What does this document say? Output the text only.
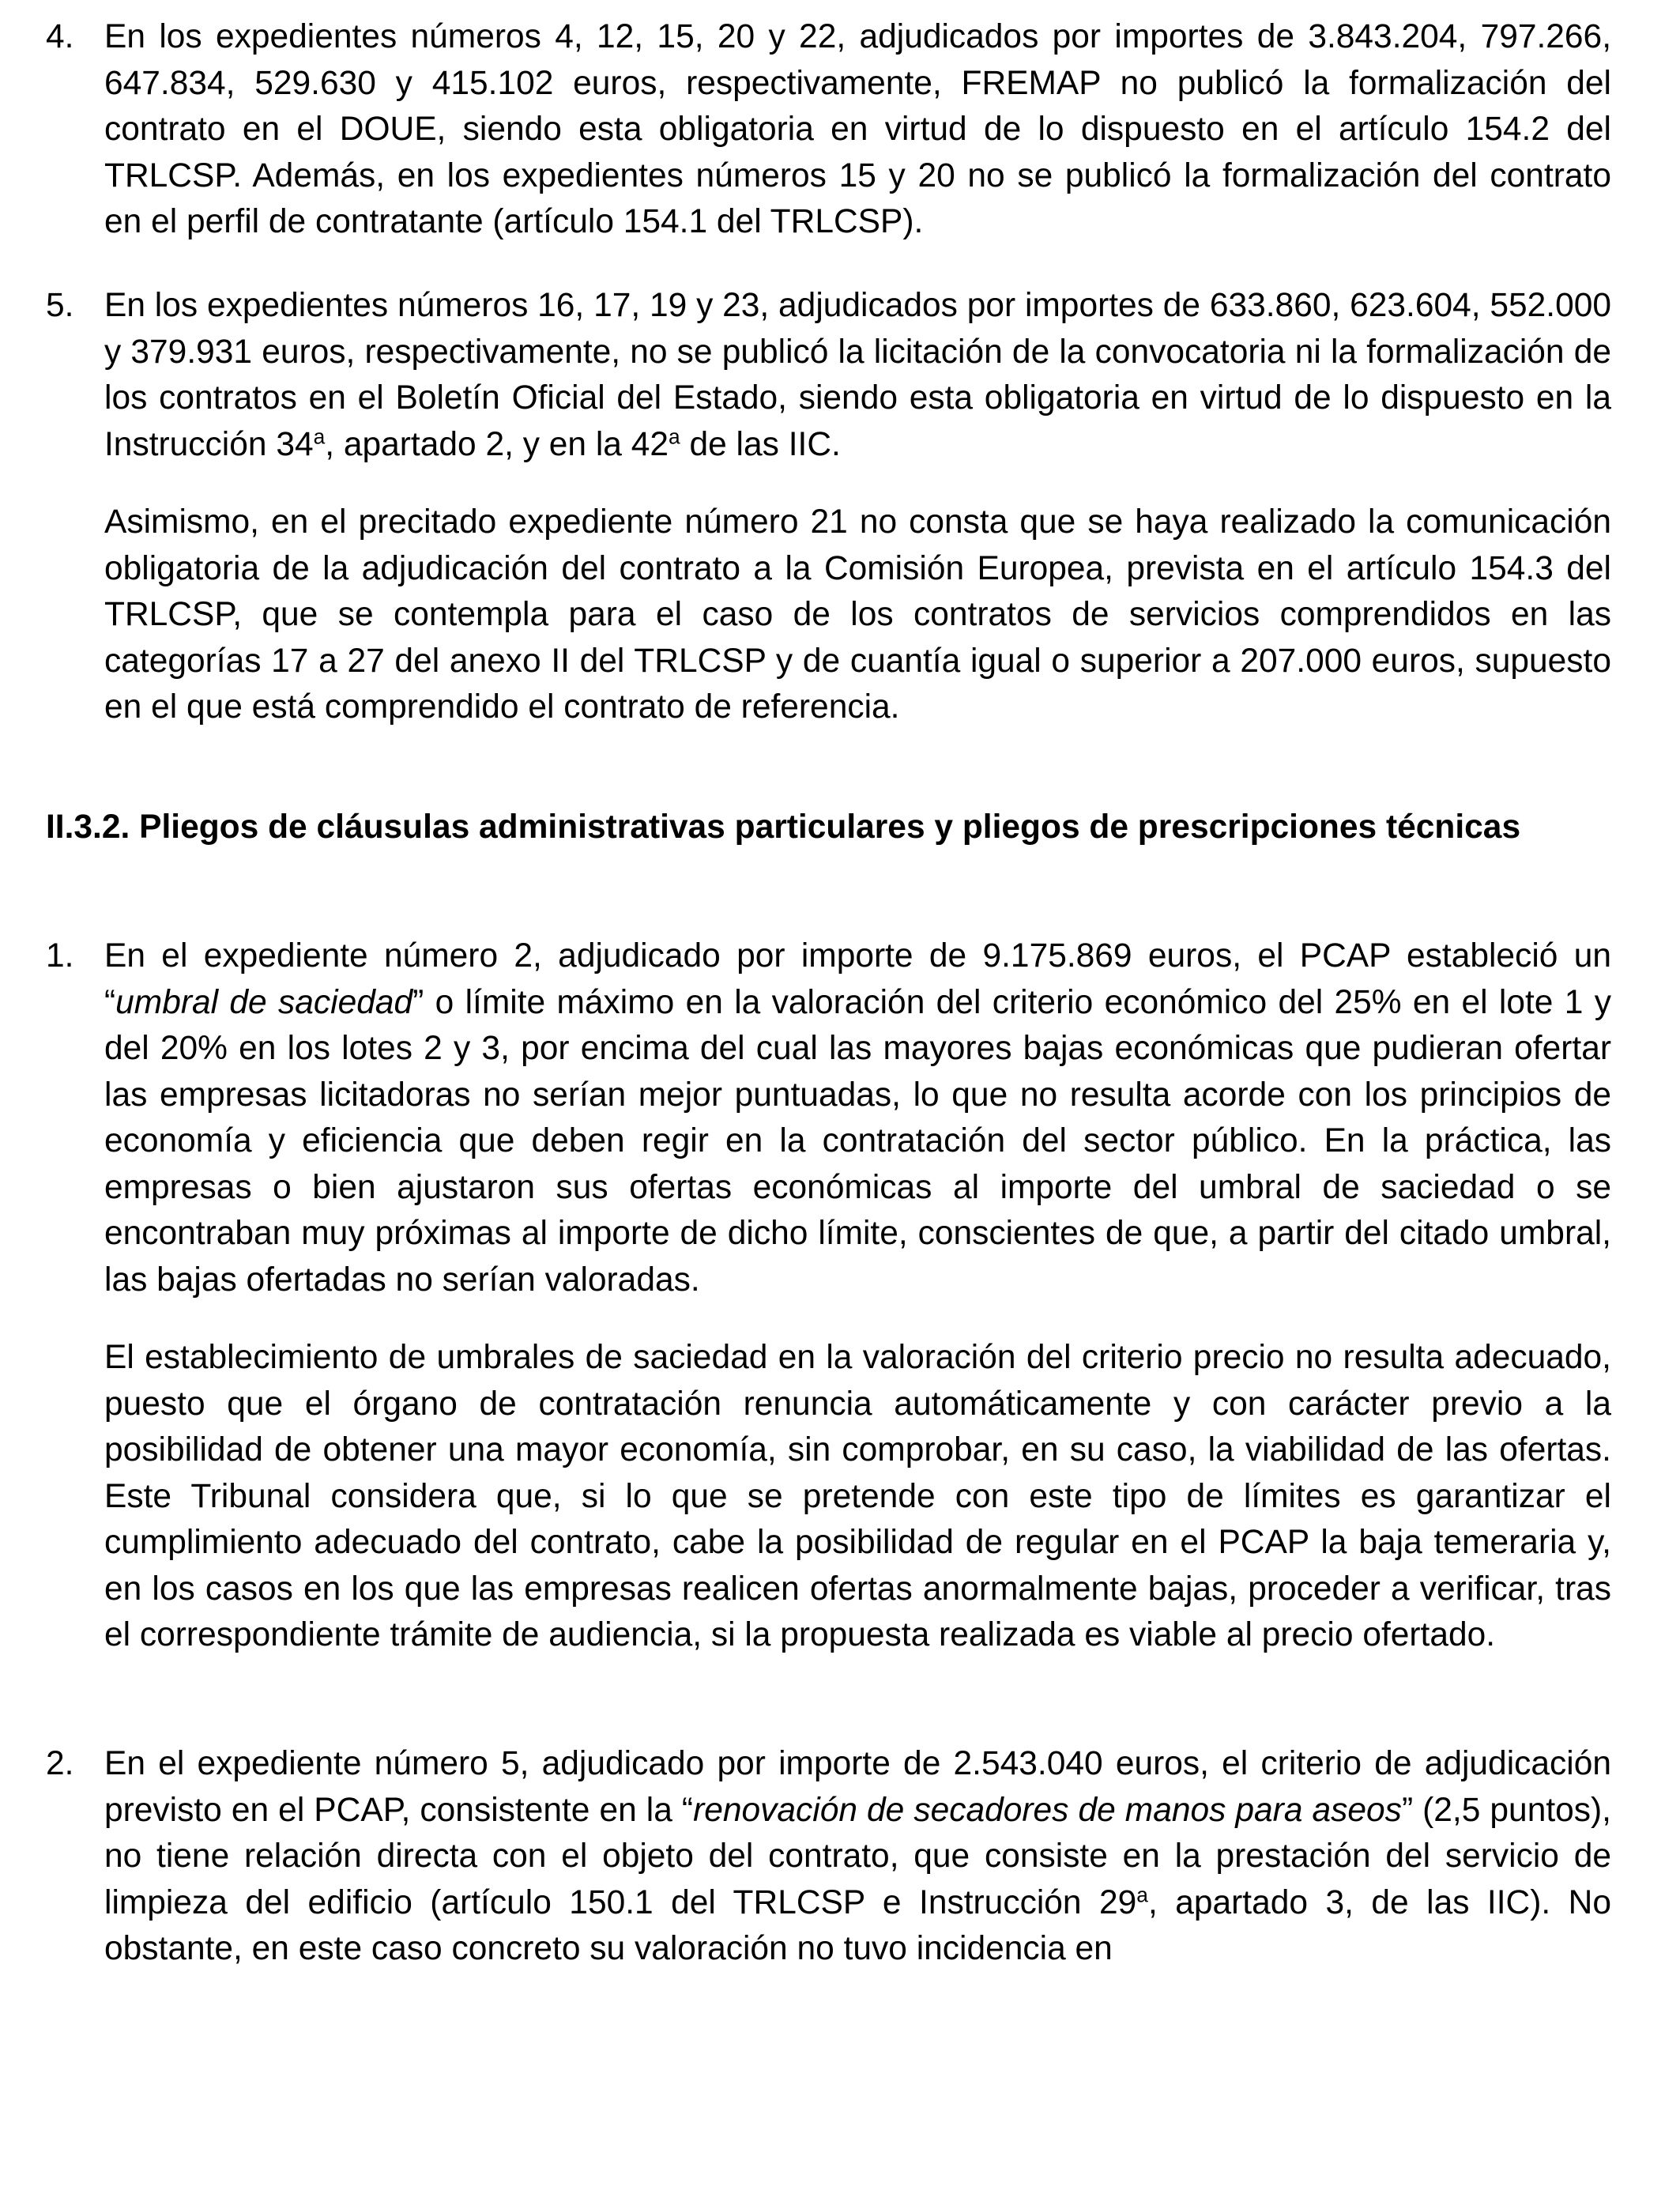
4. En los expedientes números 4, 12, 15, 20 y 22, adjudicados por importes de 3.843.204, 797.266, 647.834, 529.630 y 415.102 euros, respectivamente, FREMAP no publicó la formalización del contrato en el DOUE, siendo esta obligatoria en virtud de lo dispuesto en el artículo 154.2 del TRLCSP. Además, en los expedientes números 15 y 20 no se publicó la formalización del contrato en el perfil de contratante (artículo 154.1 del TRLCSP).

5. En los expedientes números 16, 17, 19 y 23, adjudicados por importes de 633.860, 623.604, 552.000 y 379.931 euros, respectivamente, no se publicó la licitación de la convocatoria ni la formalización de los contratos en el Boletín Oficial del Estado, siendo esta obligatoria en virtud de lo dispuesto en la Instrucción 34$^a$, apartado 2, y en la 42$^a$ de las IIC.

Asimismo, en el precitado expediente número 21 no consta que se haya realizado la comunicación obligatoria de la adjudicación del contrato a la Comisión Europea, prevista en el artículo 154.3 del TRLCSP, que se contempla para el caso de los contratos de servicios comprendidos en las categorías 17 a 27 del anexo II del TRLCSP y de cuantía igual o superior a 207.000 euros, supuesto en el que está comprendido el contrato de referencia.

II.3.2. Pliegos de cláusulas administrativas particulares y pliegos de prescripciones técnicas
1. En el expediente número 2, adjudicado por importe de 9.175.869 euros, el PCAP estableció un “umbral de saciedad” o límite máximo en la valoración del criterio económico del 25% en el lote 1 y del 20% en los lotes 2 y 3, por encima del cual las mayores bajas económicas que pudieran ofertar las empresas licitadoras no serían mejor puntuadas, lo que no resulta acorde con los principios de economía y eficiencia que deben regir en la contratación del sector público. En la práctica, las empresas o bien ajustaron sus ofertas económicas al importe del umbral de saciedad o se encontraban muy próximas al importe de dicho límite, conscientes de que, a partir del citado umbral, las bajas ofertadas no serían valoradas.

El establecimiento de umbrales de saciedad en la valoración del criterio precio no resulta adecuado, puesto que el órgano de contratación renuncia automáticamente y con carácter previo a la posibilidad de obtener una mayor economía, sin comprobar, en su caso, la viabilidad de las ofertas. Este Tribunal considera que, si lo que se pretende con este tipo de límites es garantizar el cumplimiento adecuado del contrato, cabe la posibilidad de regular en el PCAP la baja temeraria y, en los casos en los que las empresas realicen ofertas anormalmente bajas, proceder a verificar, tras el correspondiente trámite de audiencia, si la propuesta realizada es viable al precio ofertado.

2. En el expediente número 5, adjudicado por importe de 2.543.040 euros, el criterio de adjudicación previsto en el PCAP, consistente en la “renovación de secadores de manos para aseos” (2,5 puntos), no tiene relación directa con el objeto del contrato, que consiste en la prestación del servicio de limpieza del edificio (artículo 150.1 del TRLCSP e Instrucción 29$^a$, apartado 3, de las IIC). No obstante, en este caso concreto su valoración no tuvo incidencia en
